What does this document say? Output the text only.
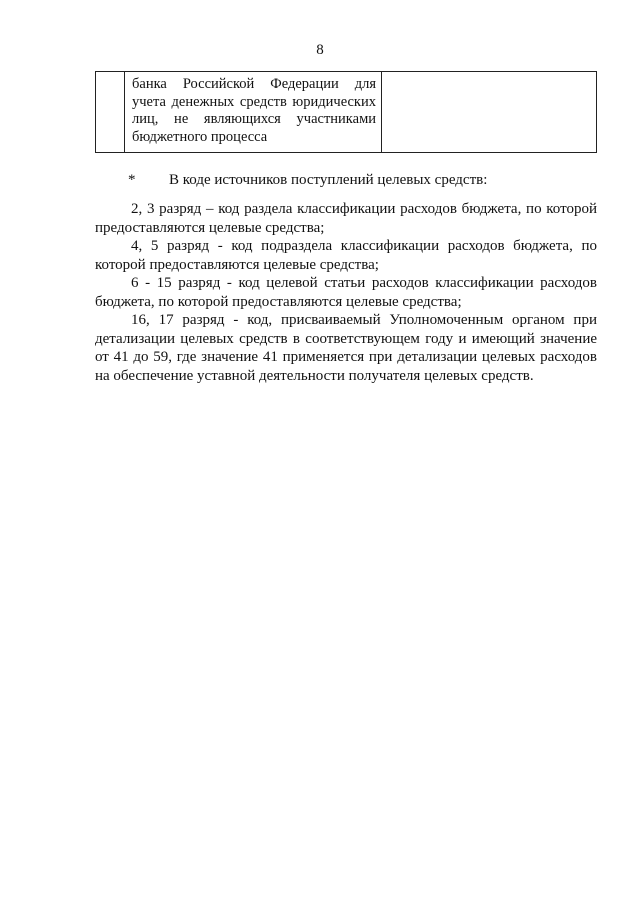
8
банка Российской Федерации для
учета денежных средств юридических
лиц, не являющихся участниками
бюджетного процесса
* В коде источников поступлений целевых средств:
2, 3 разряд – код раздела классификации расходов бюджета, по которой
предоставляются целевые средства;
4, 5 разряд - код подраздела классификации расходов бюджета, по
которой предоставляются целевые средства;
6 - 15 разряд - код целевой статьи расходов классификации расходов
бюджета, по которой предоставляются целевые средства;
16, 17 разряд - код, присваиваемый Уполномоченным органом при
детализации целевых средств в соответствующем году и имеющий значение
от 41 до 59, где значение 41 применяется при детализации целевых расходов
на обеспечение уставной деятельности получателя целевых средств.
